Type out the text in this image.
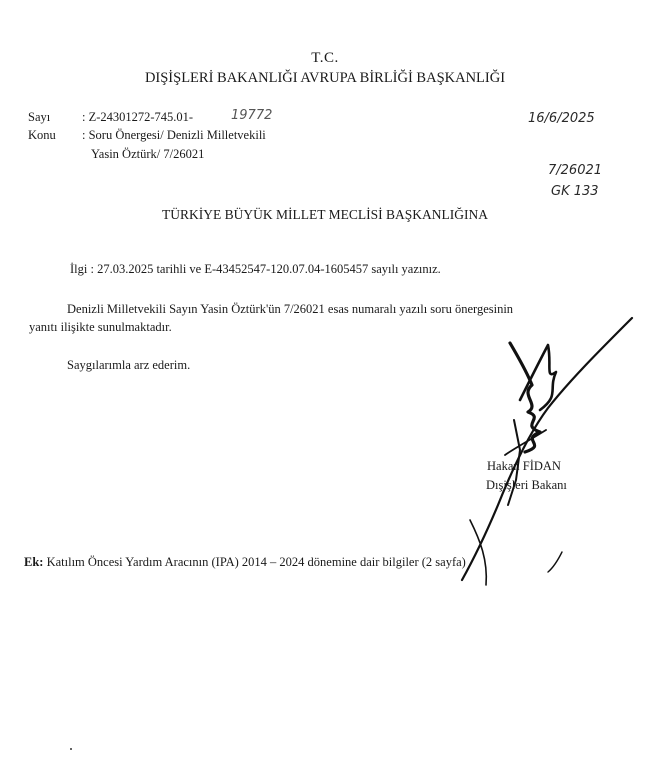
T.C.
DIŞİŞLERİ BAKANLIĞI AVRUPA BİRLİĞİ BAŞKANLIĞI
Sayı	: Z-24301272-745.01-	19772	16/6/2025
Konu : Soru Önergesi/ Denizli Milletvekili
Yasin Öztürk/ 7/26021
7/26021
GK 133
TÜRKİYE BÜYÜK MİLLET MECLİSİ BAŞKANLIĞINA
İlgi : 27.03.2025 tarihli ve E-43452547-120.07.04-1605457 sayılı yazınız.
Denizli Milletvekili Sayın Yasin Öztürk'ün 7/26021 esas numaralı yazılı soru önergesinin
yanıtı ilişikte sunulmaktadır.
Saygılarımla arz ederim.
Hakan FİDAN
Dışişleri Bakanı
Ek: Katılım Öncesi Yardım Aracının (IPA) 2014 – 2024 dönemine dair bilgiler (2 sayfa)
